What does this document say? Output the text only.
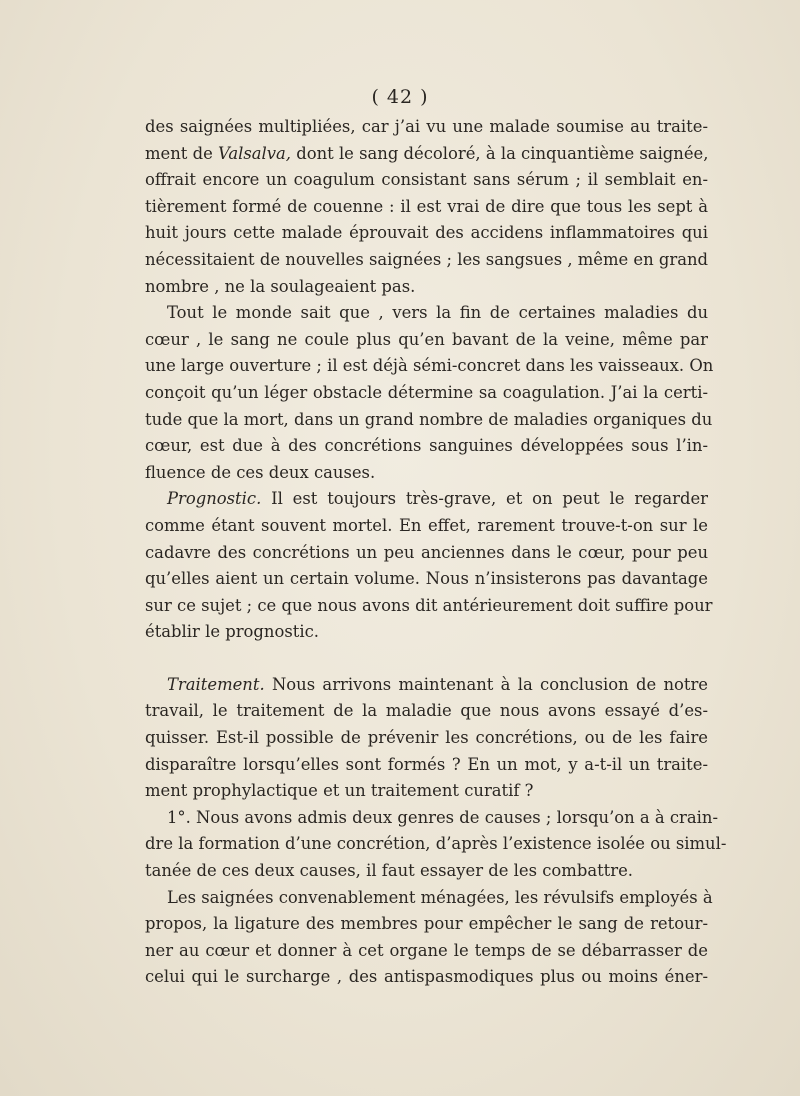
( 42 )

des saignées multipliées, car j’ai vu une malade soumise au traite-

ment de Valsalva, dont le sang décoloré, à la cinquantième saignée,

offrait encore un coagulum consistant sans sérum ; il semblait en-

tièrement formé de couenne : il est vrai de dire que tous les sept à

huit jours cette malade éprouvait des accidens inflammatoires qui

nécessitaient de nouvelles saignées ; les sangsues , même en grand

nombre , ne la soulageaient pas.

Tout le monde sait que , vers la fin de certaines maladies du

cœur , le sang ne coule plus qu’en bavant de la veine, même par

une large ouverture ; il est déjà sémi-concret dans les vaisseaux. On

conçoit qu’un léger obstacle détermine sa coagulation. J’ai la certi-

tude que la mort, dans un grand nombre de maladies organiques du

cœur, est due à des concrétions sanguines développées sous l’in-

fluence de ces deux causes.

Prognostic. Il est toujours très-grave, et on peut le regarder

comme étant souvent mortel. En effet, rarement trouve-t-on sur le

cadavre des concrétions un peu anciennes dans le cœur, pour peu

qu’elles aient un certain volume. Nous n’insisterons pas davantage

sur ce sujet ; ce que nous avons dit antérieurement doit suffire pour

établir le prognostic.

Traitement. Nous arrivons maintenant à la conclusion de notre

travail, le traitement de la maladie que nous avons essayé d’es-

quisser. Est-il possible de prévenir les concrétions, ou de les faire

disparaître lorsqu’elles sont formés ? En un mot, y a-t-il un traite-

ment prophylactique et un traitement curatif ?

1°. Nous avons admis deux genres de causes ; lorsqu’on a à crain-

dre la formation d’une concrétion, d’après l’existence isolée ou simul-

tanée de ces deux causes, il faut essayer de les combattre.

Les saignées convenablement ménagées, les révulsifs employés à

propos, la ligature des membres pour empêcher le sang de retour-

ner au cœur et donner à cet organe le temps de se débarrasser de

celui qui le surcharge , des antispasmodiques plus ou moins éner-
